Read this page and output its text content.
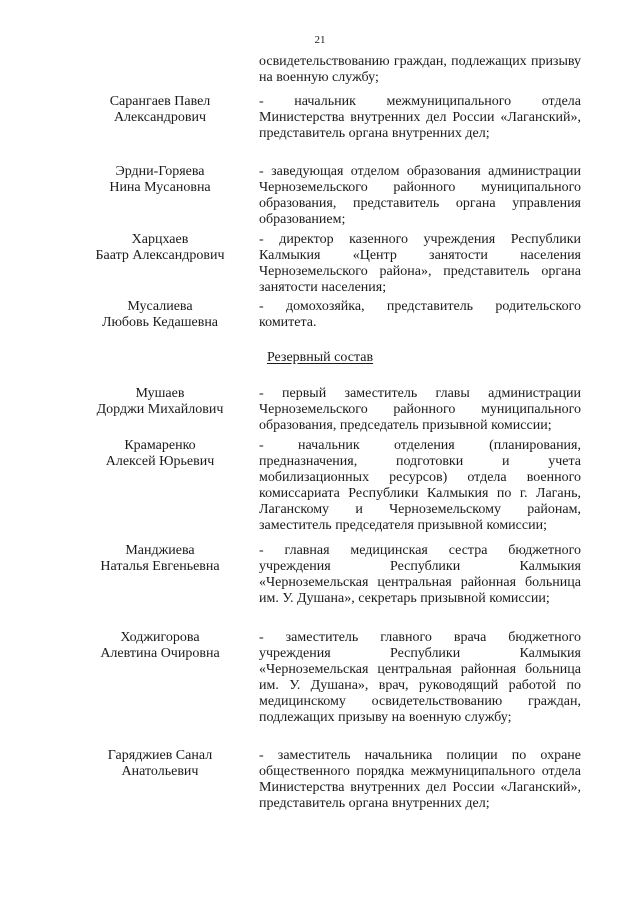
21
освидетельствованию граждан, подлежащих призыву на военную службу;
Сарангаев Павел
Александрович
- начальник межмуниципального отдела Министерства внутренних дел России «Лаганский», представитель органа внутренних дел;
Эрдни-Горяева
Нина Мусановна
- заведующая отделом образования администрации Черноземельского районного муниципального образования, представитель органа управления образованием;
Харцхаев
Баатр Александрович
- директор казенного учреждения Республики Калмыкия «Центр занятости населения Черноземельского района», представитель органа занятости населения;
Мусалиева
Любовь Кедашевна
- домохозяйка, представитель родительского комитета.
Резервный состав
Мушаев
Дорджи Михайлович
- первый заместитель главы администрации Черноземельского районного муниципального образования, председатель призывной комиссии;
Крамаренко
Алексей Юрьевич
- начальник отделения (планирования, предназначения, подготовки и учета мобилизационных ресурсов) отдела военного комиссариата Республики Калмыкия по г. Лагань, Лаганскому и Черноземельскому районам, заместитель председателя призывной комиссии;
Манджиева
Наталья Евгеньевна
- главная медицинская сестра бюджетного учреждения Республики Калмыкия «Черноземельская центральная районная больница им. У. Душана», секретарь призывной комиссии;
Ходжигорова
Алевтина Очировна
- заместитель главного врача бюджетного учреждения Республики Калмыкия «Черноземельская центральная районная больница им. У. Душана», врач, руководящий работой по медицинскому освидетельствованию граждан, подлежащих призыву на военную службу;
Гаряджиев Санал
Анатольевич
- заместитель начальника полиции по охране общественного порядка межмуниципального отдела Министерства внутренних дел России «Лаганский», представитель органа внутренних дел;
